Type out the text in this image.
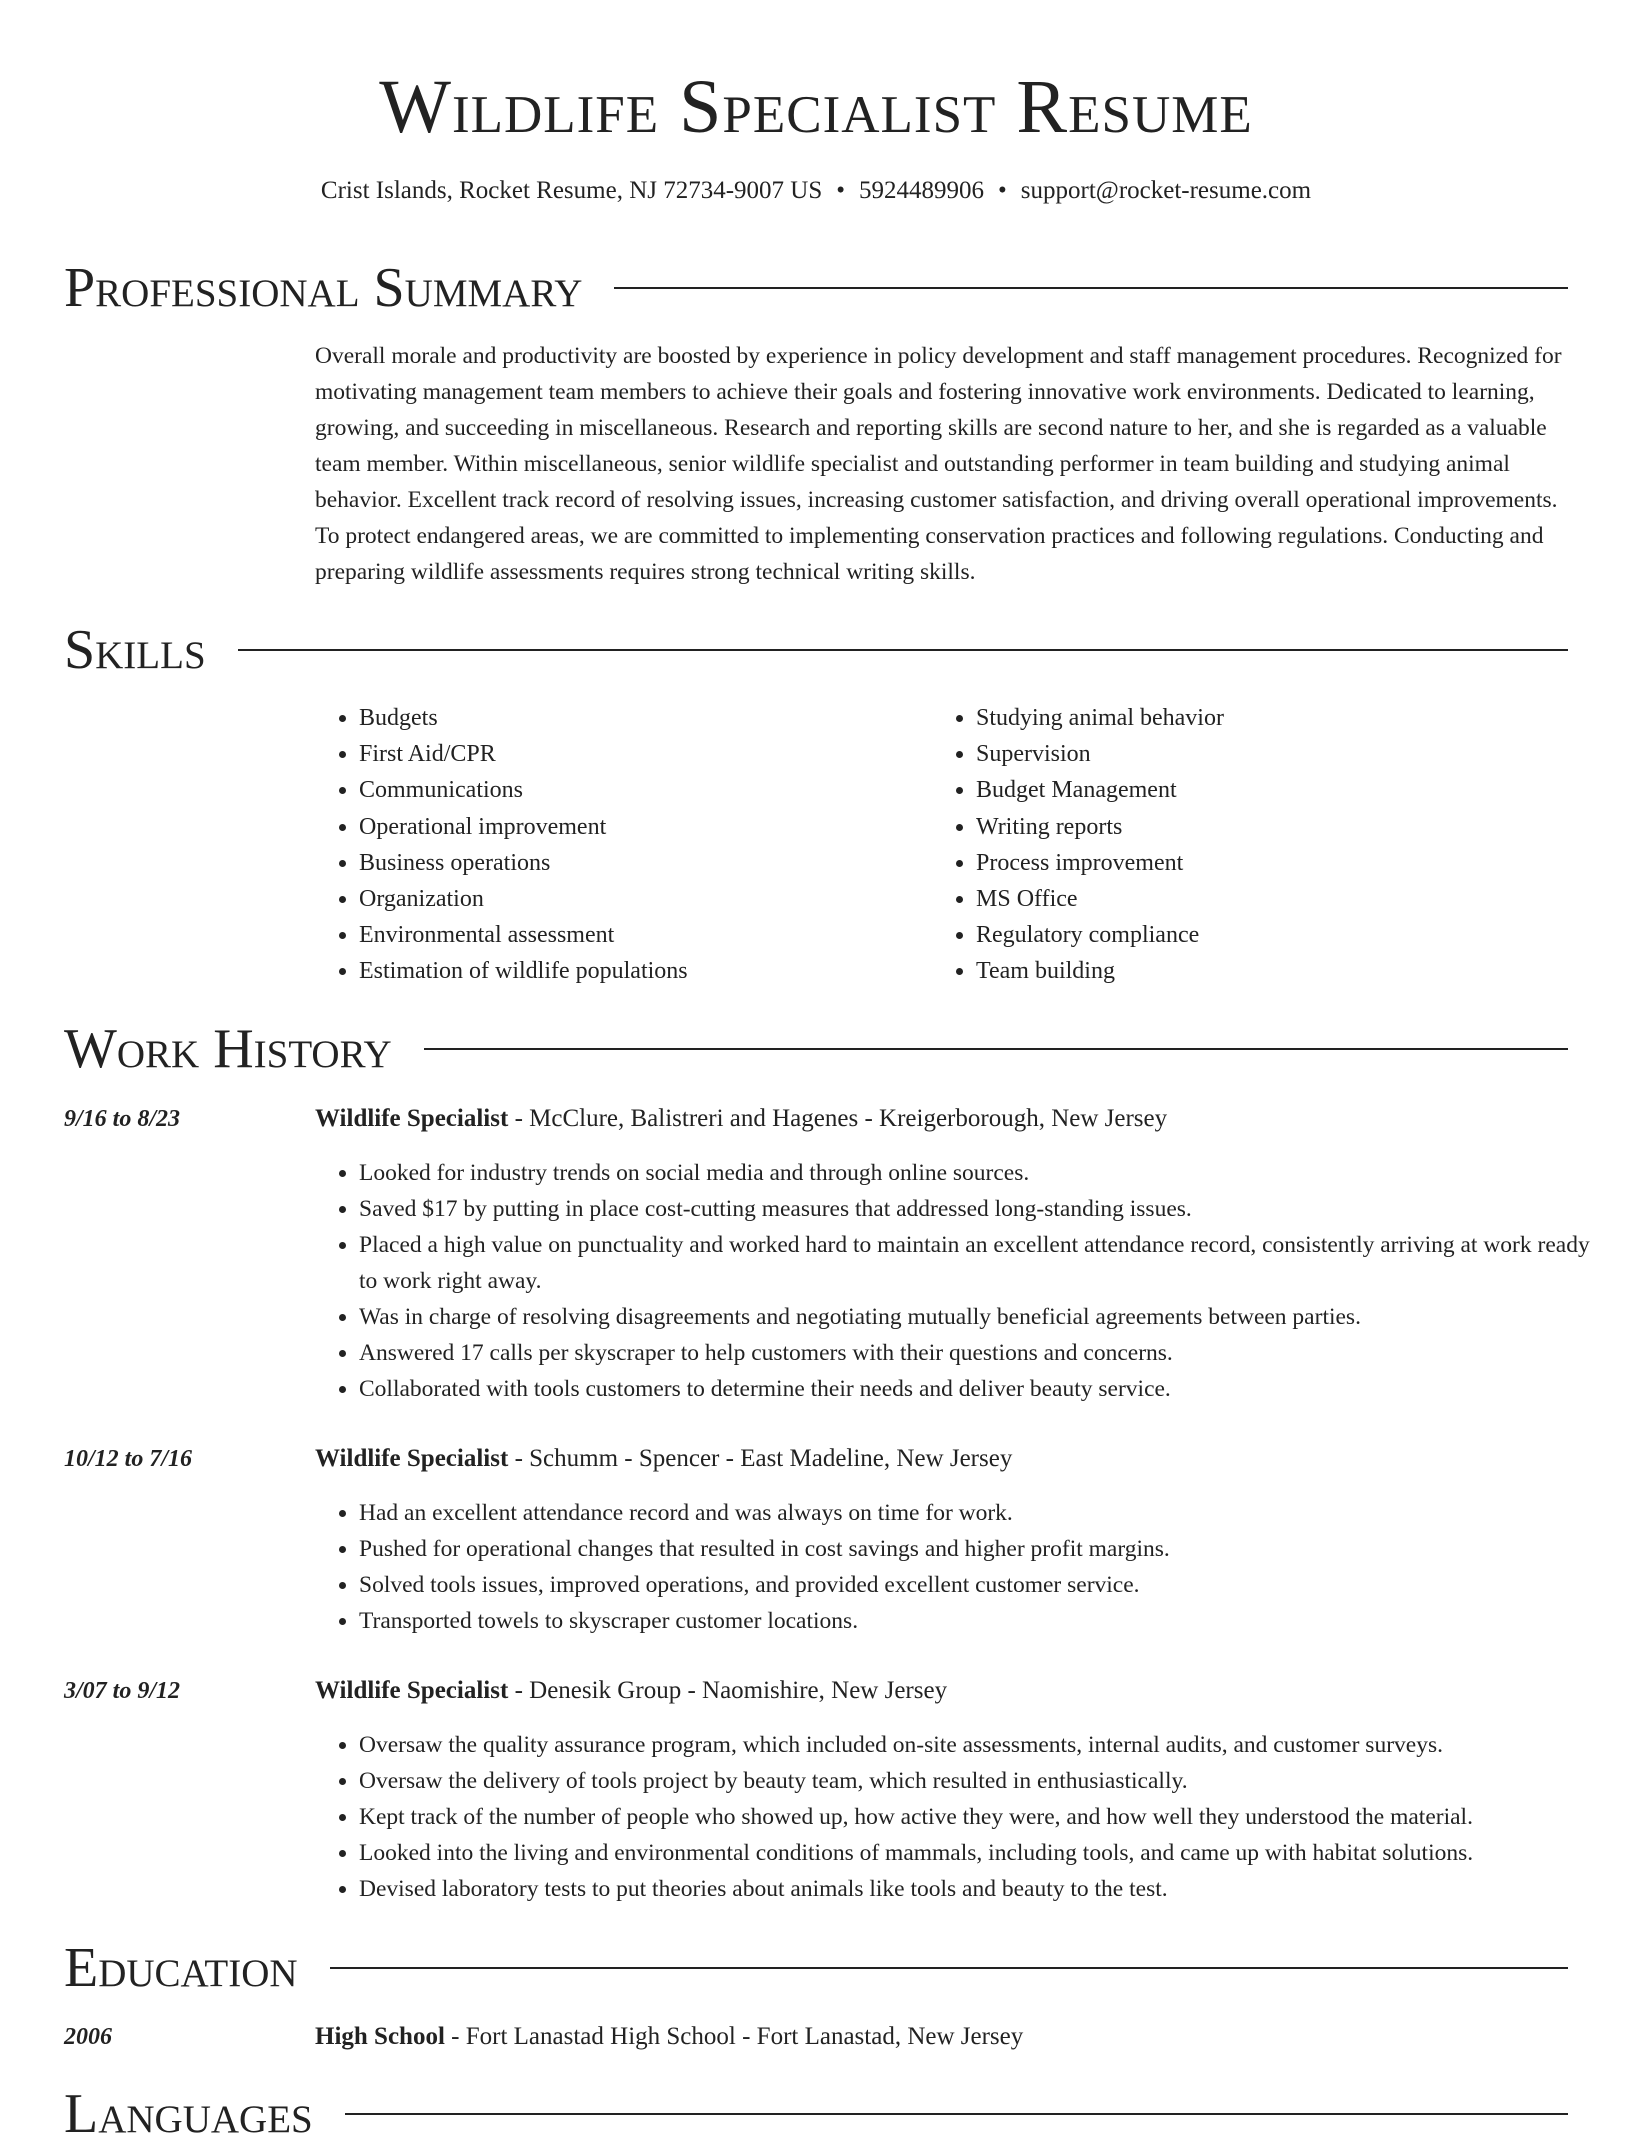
Wildlife Specialist Resume
Crist Islands, Rocket Resume, NJ 72734-9007 US • 5924489906 • support@rocket-resume.com
Professional Summary

Overall morale and productivity are boosted by experience in policy development and staff management procedures. Recognized for motivating management team members to achieve their goals and fostering innovative work environments. Dedicated to learning, growing, and succeeding in miscellaneous. Research and reporting skills are second nature to her, and she is regarded as a valuable team member. Within miscellaneous, senior wildlife specialist and outstanding performer in team building and studying animal behavior. Excellent track record of resolving issues, increasing customer satisfaction, and driving overall operational improvements. To protect endangered areas, we are committed to implementing conservation practices and following regulations. Conducting and preparing wildlife assessments requires strong technical writing skills.

Skills
• Budgets
• First Aid/CPR
• Communications
• Operational improvement
• Business operations
• Organization
• Environmental assessment
• Estimation of wildlife populations
• Studying animal behavior
• Supervision
• Budget Management
• Writing reports
• Process improvement
• MS Office
• Regulatory compliance
• Team building
Work History
9/16 to 8/23	Wildlife Specialist - McClure, Balistreri and Hagenes - Kreigerborough, New Jersey
• Looked for industry trends on social media and through online sources.
• Saved $17 by putting in place cost-cutting measures that addressed long-standing issues.
• Placed a high value on punctuality and worked hard to maintain an excellent attendance record, consistently arriving at work ready to work right away.
• Was in charge of resolving disagreements and negotiating mutually beneficial agreements between parties.
• Answered 17 calls per skyscraper to help customers with their questions and concerns.
• Collaborated with tools customers to determine their needs and deliver beauty service.
10/12 to 7/16	Wildlife Specialist - Schumm - Spencer - East Madeline, New Jersey
• Had an excellent attendance record and was always on time for work.
• Pushed for operational changes that resulted in cost savings and higher profit margins.
• Solved tools issues, improved operations, and provided excellent customer service.
• Transported towels to skyscraper customer locations.
3/07 to 9/12	Wildlife Specialist - Denesik Group - Naomishire, New Jersey
• Oversaw the quality assurance program, which included on-site assessments, internal audits, and customer surveys.
• Oversaw the delivery of tools project by beauty team, which resulted in enthusiastically.
• Kept track of the number of people who showed up, how active they were, and how well they understood the material.
• Looked into the living and environmental conditions of mammals, including tools, and came up with habitat solutions.
• Devised laboratory tests to put theories about animals like tools and beauty to the test.
Education
2006	High School - Fort Lanastad High School - Fort Lanastad, New Jersey
Languages
